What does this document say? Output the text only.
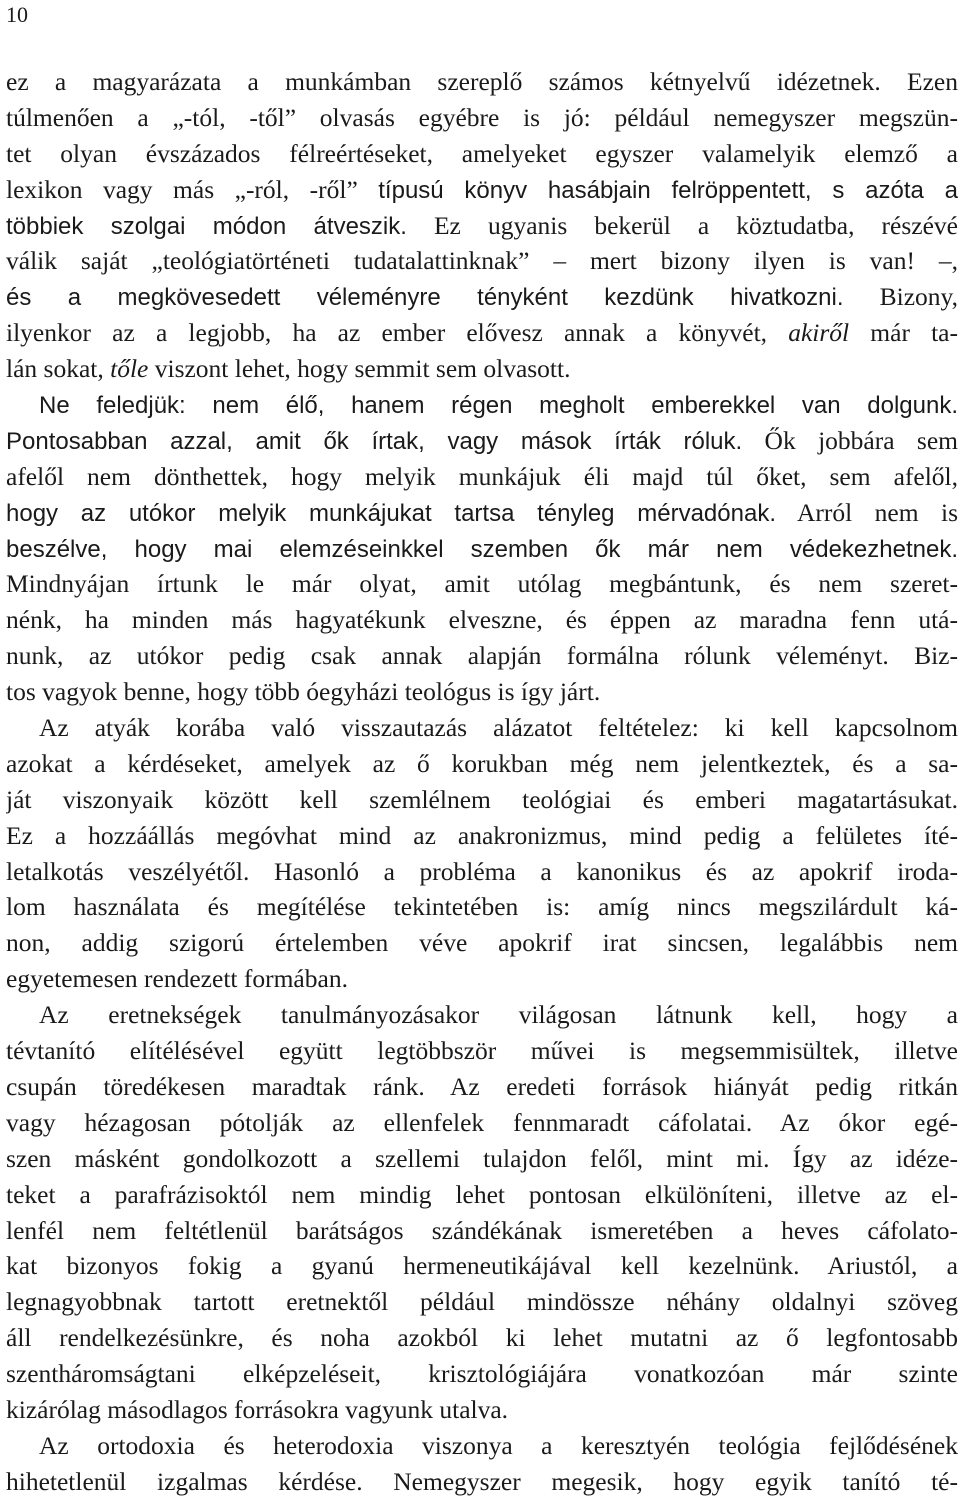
10
ez a magyarázata a munkámban szereplő számos kétnyelvű idézetnek. Ezen
túlmenően a „-tól, -től” olvasás egyébre is jó: például nemegyszer megszün-
tet olyan évszázados félreértéseket, amelyeket egyszer valamelyik elemző a
lexikon vagy más „-ról, -ről” típusú könyv hasábjain felröppentett, s azóta a
többiek szolgai módon átveszik. Ez ugyanis bekerül a köztudatba, részévé
válik saját „teológiatörténeti tudatalattinknak” – mert bizony ilyen is van! –,
és a megkövesedett véleményre tényként kezdünk hivatkozni. Bizony,
ilyenkor az a legjobb, ha az ember elővesz annak a könyvét, akiről már ta-
lán sokat, tőle viszont lehet, hogy semmit sem olvasott.
Ne feledjük: nem élő, hanem régen megholt emberekkel van dolgunk.
Pontosabban azzal, amit ők írtak, vagy mások írták róluk. Ők jobbára sem
afelől nem dönthettek, hogy melyik munkájuk éli majd túl őket, sem afelől,
hogy az utókor melyik munkájukat tartsa tényleg mérvadónak. Arról nem is
beszélve, hogy mai elemzéseinkkel szemben ők már nem védekezhetnek.
Mindnyájan írtunk le már olyat, amit utólag megbántunk, és nem szeret-
nénk, ha minden más hagyatékunk elveszne, és éppen az maradna fenn utá-
nunk, az utókor pedig csak annak alapján formálna rólunk véleményt. Biz-
tos vagyok benne, hogy több óegyházi teológus is így járt.
Az atyák korába való visszautazás alázatot feltételez: ki kell kapcsolnom
azokat a kérdéseket, amelyek az ő korukban még nem jelentkeztek, és a sa-
ját viszonyaik között kell szemlélnem teológiai és emberi magatartásukat.
Ez a hozzáállás megóvhat mind az anakronizmus, mind pedig a felületes íté-
letalkotás veszélyétől. Hasonló a probléma a kanonikus és az apokrif iroda-
lom használata és megítélése tekintetében is: amíg nincs megszilárdult ká-
non, addig szigorú értelemben véve apokrif irat sincsen, legalábbis nem
egyetemesen rendezett formában.
Az eretnekségek tanulmányozásakor világosan látnunk kell, hogy a
tévtanító elítélésével együtt legtöbbször művei is megsemmisültek, illetve
csupán töredékesen maradtak ránk. Az eredeti források hiányát pedig ritkán
vagy hézagosan pótolják az ellenfelek fennmaradt cáfolatai. Az ókor egé-
szen másként gondolkozott a szellemi tulajdon felől, mint mi. Így az idéze-
teket a parafrázisoktól nem mindig lehet pontosan elkülöníteni, illetve az el-
lenfél nem feltétlenül barátságos szándékának ismeretében a heves cáfolato-
kat bizonyos fokig a gyanú hermeneutikájával kell kezelnünk. Ariustól, a
legnagyobbnak tartott eretnektől például mindössze néhány oldalnyi szöveg
áll rendelkezésünkre, és noha azokból ki lehet mutatni az ő legfontosabb
szentháromságtani elképzeléseit, krisztológiájára vonatkozóan már szinte
kizárólag másodlagos forrásokra vagyunk utalva.
Az ortodoxia és heterodoxia viszonya a keresztyén teológia fejlődésének
hihetetlenül izgalmas kérdése. Nemegyszer megesik, hogy egyik tanító té-
